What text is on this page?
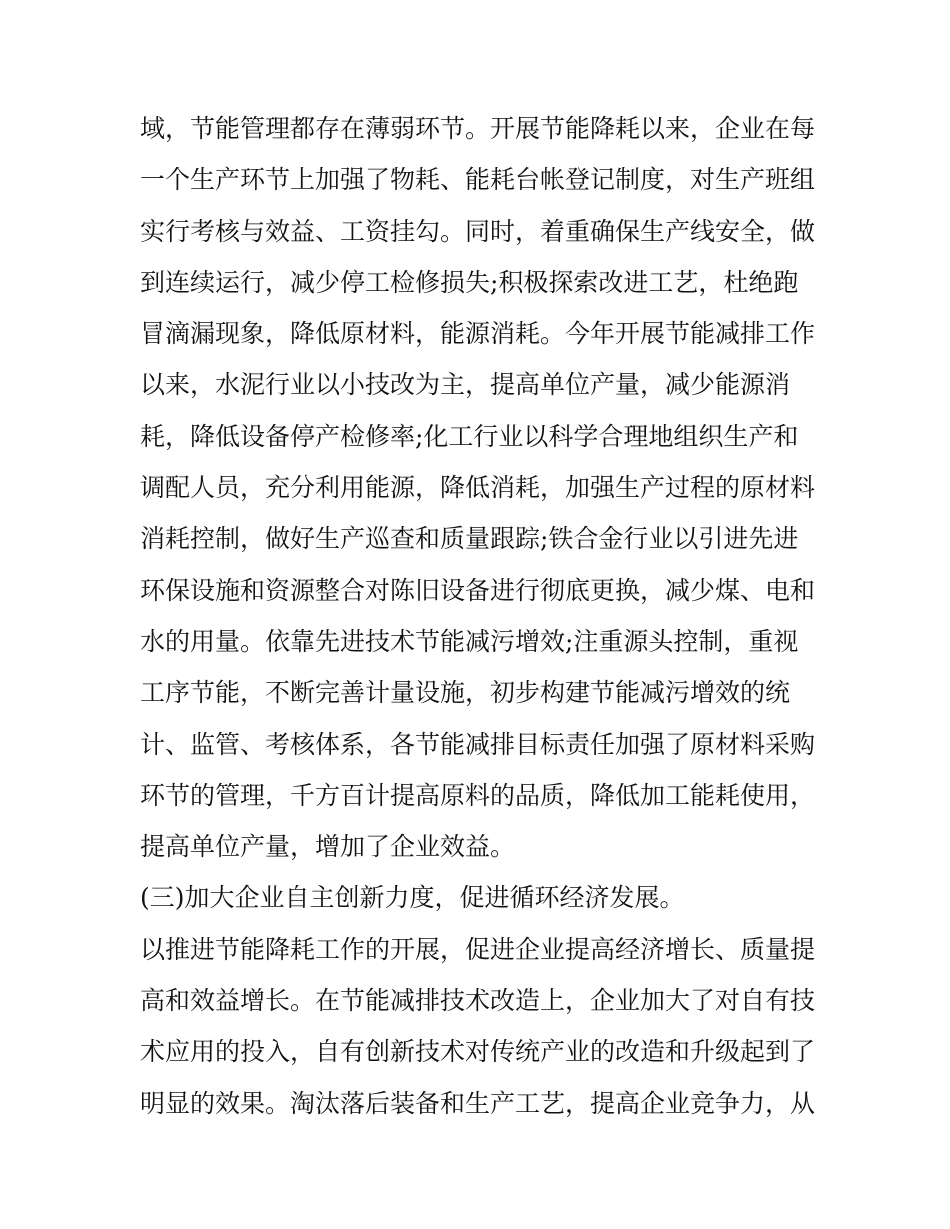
域，节能管理都存在薄弱环节。开展节能降耗以来，企业在每
一个生产环节上加强了物耗、能耗台帐登记制度，对生产班组
实行考核与效益、工资挂勾。同时，着重确保生产线安全，做
到连续运行，减少停工检修损失;积极探索改进工艺，杜绝跑
冒滴漏现象，降低原材料，能源消耗。今年开展节能减排工作
以来，水泥行业以小技改为主，提高单位产量，减少能源消
耗，降低设备停产检修率;化工行业以科学合理地组织生产和
调配人员，充分利用能源，降低消耗，加强生产过程的原材料
消耗控制，做好生产巡查和质量跟踪;铁合金行业以引进先进
环保设施和资源整合对陈旧设备进行彻底更换，减少煤、电和
水的用量。依靠先进技术节能减污增效;注重源头控制，重视
工序节能，不断完善计量设施，初步构建节能减污增效的统
计、监管、考核体系，各节能减排目标责任加强了原材料采购
环节的管理，千方百计提高原料的品质，降低加工能耗使用，
提高单位产量，增加了企业效益。
(三)加大企业自主创新力度，促进循环经济发展。
以推进节能降耗工作的开展，促进企业提高经济增长、质量提
高和效益增长。在节能减排技术改造上，企业加大了对自有技
术应用的投入，自有创新技术对传统产业的改造和升级起到了
明显的效果。淘汰落后装备和生产工艺，提高企业竞争力，从
